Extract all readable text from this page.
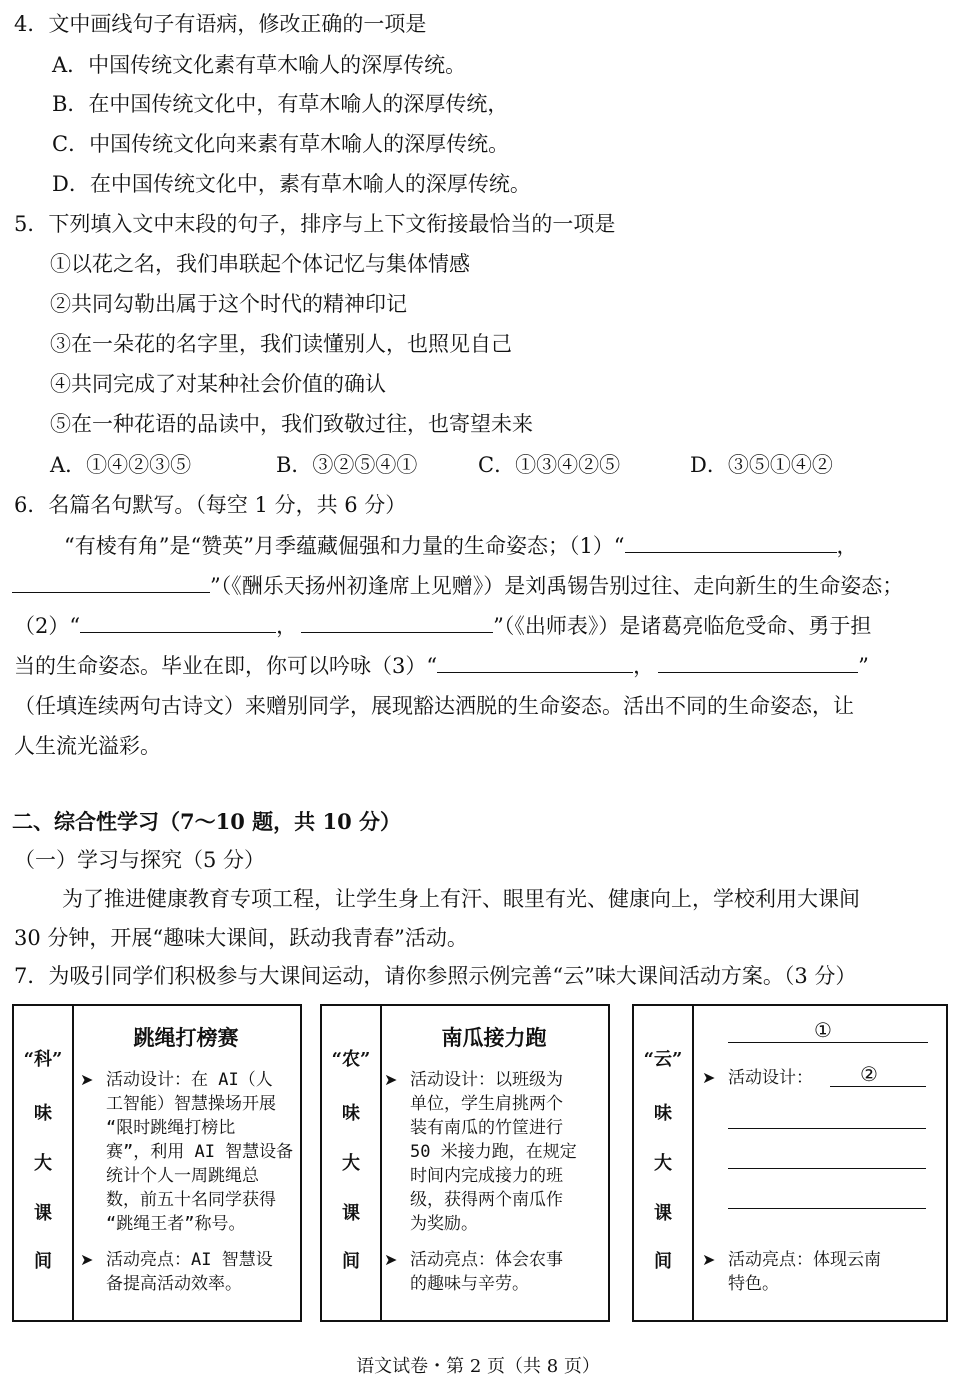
4．文中画线句子有语病，修改正确的一项是
A．中国传统文化素有草木喻人的深厚传统。
B．在中国传统文化中，有草木喻人的深厚传统，
C．中国传统文化向来素有草木喻人的深厚传统。
D．在中国传统文化中，素有草木喻人的深厚传统。
5．下列填入文中末段的句子，排序与上下文衔接最恰当的一项是
①以花之名，我们串联起个体记忆与集体情感
②共同勾勒出属于这个时代的精神印记
③在一朵花的名字里，我们读懂别人，也照见自己
④共同完成了对某种社会价值的确认
⑤在一种花语的品读中，我们致敬过往，也寄望未来
A．①④②③⑤	B．③②⑤④①	C．①③④②⑤	D．③⑤①④②
6．名篇名句默写。（每空 1 分，共 6 分）
“有棱有角”是“赞英”月季蕴藏倔强和力量的生命姿态；（1）“	，
”（《酬乐天扬州初逢席上见赠》）是刘禹锡告别过往、走向新生的生命姿态；
（2）“	，	”（《出师表》）是诸葛亮临危受命、勇于担
当的生命姿态。毕业在即，你可以吟咏（3）“	，	”
（任填连续两句古诗文）来赠别同学，展现豁达洒脱的生命姿态。活出不同的生命姿态，让
人生流光溢彩。
二、综合性学习（7～10 题，共 10 分）
（一）学习与探究（5 分）
为了推进健康教育专项工程，让学生身上有汗、眼里有光、健康向上，学校利用大课间
30 分钟，开展“趣味大课间，跃动我青春”活动。
7．为吸引同学们积极参与大课间运动，请你参照示例完善“云”味大课间活动方案。（3 分）
“科”
味
大
课
间
跳绳打榜赛
➤ 活动设计：在 AI（人
工智能）智慧操场开展
“限时跳绳打榜比
赛”，利用 AI 智慧设备
统计个人一周跳绳总
数，前五十名同学获得
“跳绳王者”称号。
➤ 活动亮点：AI 智慧设
备提高活动效率。
“农”
味
大
课
间
南瓜接力跑
➤ 活动设计：以班级为
单位，学生肩挑两个
装有南瓜的竹筐进行
50 米接力跑，在规定
时间内完成接力的班
级，获得两个南瓜作
为奖励。
➤ 活动亮点：体会农事
的趣味与辛劳。
“云”
味
大
课
间
①
➤ 活动设计： ②
➤ 活动亮点：体现云南
特色。
语文试卷・第 2 页（共 8 页）
